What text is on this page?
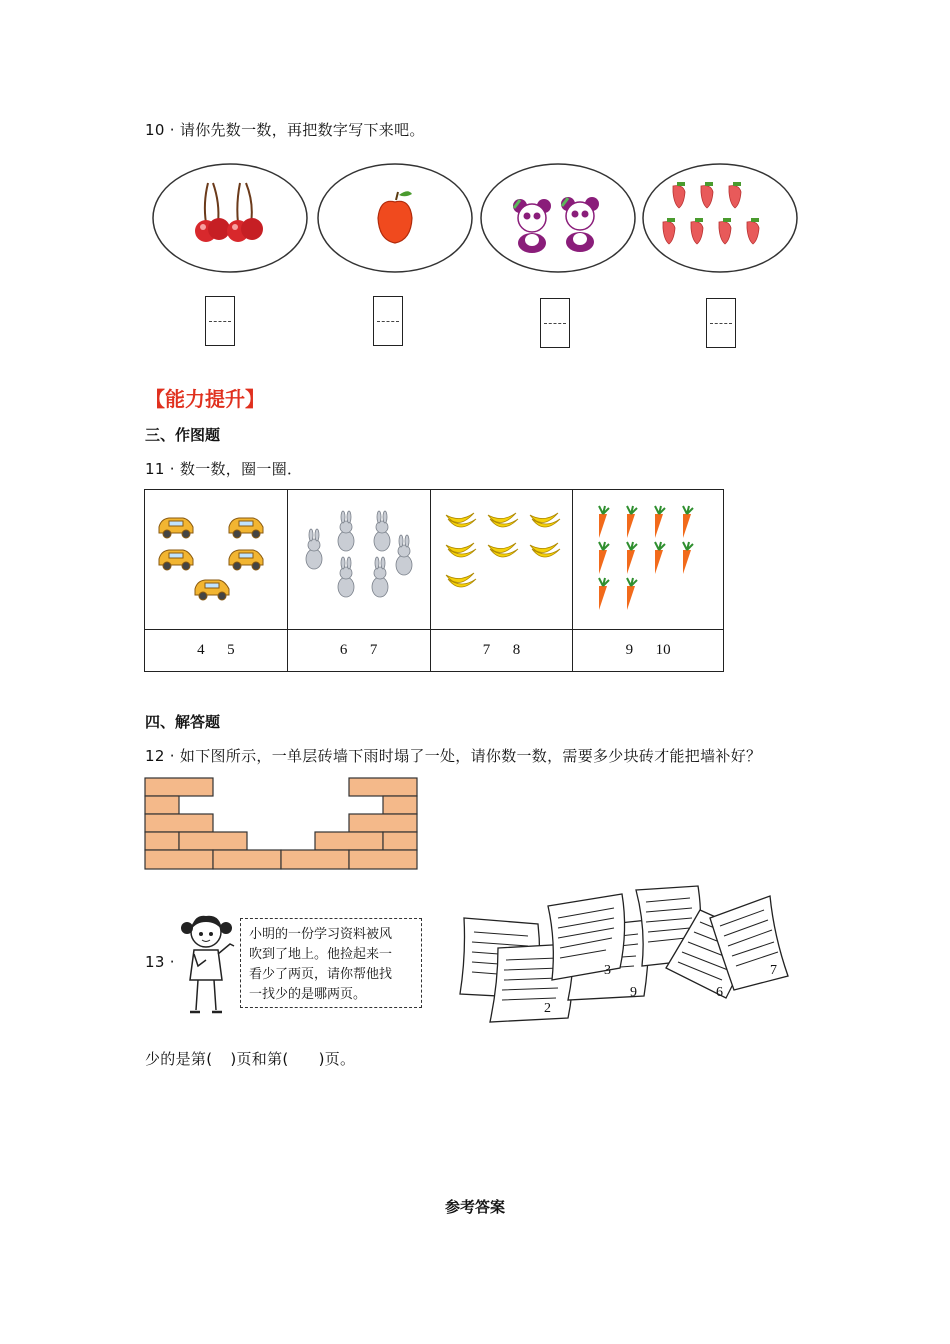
10 · 请你先数一数，再把数字写下来吧。
【能力提升】
三、作图题
11 · 数一数，圈一圈．

4 5	6 7	7 8	9 10
四、解答题
12 · 如下图所示，一单层砖墙下雨时塌了一处，请你数一数，需要多少块砖才能把墙补好？
13 ·
小明的一份学习资料被风
吹到了地上。他捡起来一
看少了两页，请你帮他找
一找少的是哪两页。
2
9
3
6
7
少的是第( )页和第( )页。
参考答案
